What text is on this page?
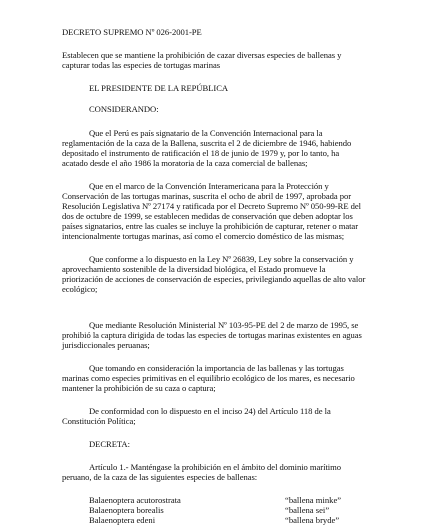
DECRETO SUPREMO Nº 026-2001-PE

Establecen que se mantiene la prohibición de cazar diversas especies de ballenas y

capturar todas las especies de tortugas marinas

EL PRESIDENTE DE LA REPÚBLICA

CONSIDERANDO:

Que el Perú es país signatario de la Convención Internacional para la

reglamentación de la caza de la Ballena, suscrita el 2 de diciembre de 1946, habiendo

depositado el instrumento de ratificación el 18 de junio de 1979 y, por lo tanto, ha

acatado desde el año 1986 la moratoria de la caza comercial de ballenas;

Que en el marco de la Convención Interamericana para la Protección y

Conservación de las tortugas marinas, suscrita el ocho de abril de 1997, aprobada por

Resolución Legislativa Nº 27174 y ratificada por el Decreto Supremo Nº 050-99-RE del

dos de octubre de 1999, se establecen medidas de conservación que deben adoptar los

países signatarios, entre las cuales se incluye la prohibición de capturar, retener o matar

intencionalmente tortugas marinas, así como el comercio doméstico de las mismas;

Que conforme a lo dispuesto en la Ley Nº 26839, Ley sobre la conservación y

aprovechamiento sostenible de la diversidad biológica, el Estado promueve la

priorización de acciones de conservación de especies, privilegiando aquellas de alto valor

ecológico;

Que mediante Resolución Ministerial Nº 103-95-PE del 2 de marzo de 1995, se

prohibió la captura dirigida de todas las especies de tortugas marinas existentes en aguas

jurisdiccionales peruanas;

Que tomando en consideración la importancia de las ballenas y las tortugas

marinas como especies primitivas en el equilibrio ecológico de los mares, es necesario

mantener la prohibición de su caza o captura;

De conformidad con lo dispuesto en el inciso 24) del Artículo 118 de la

Constitución Política;

DECRETA:

Artículo 1.- Manténgase la prohibición en el ámbito del dominio marítimo

peruano, de la caza de las siguientes especies de ballenas:

Balaenoptera acutorostrata	“ballena minke”
Balaenoptera borealis	“ballena sei”
Balaenoptera edeni	“ballena bryde”
